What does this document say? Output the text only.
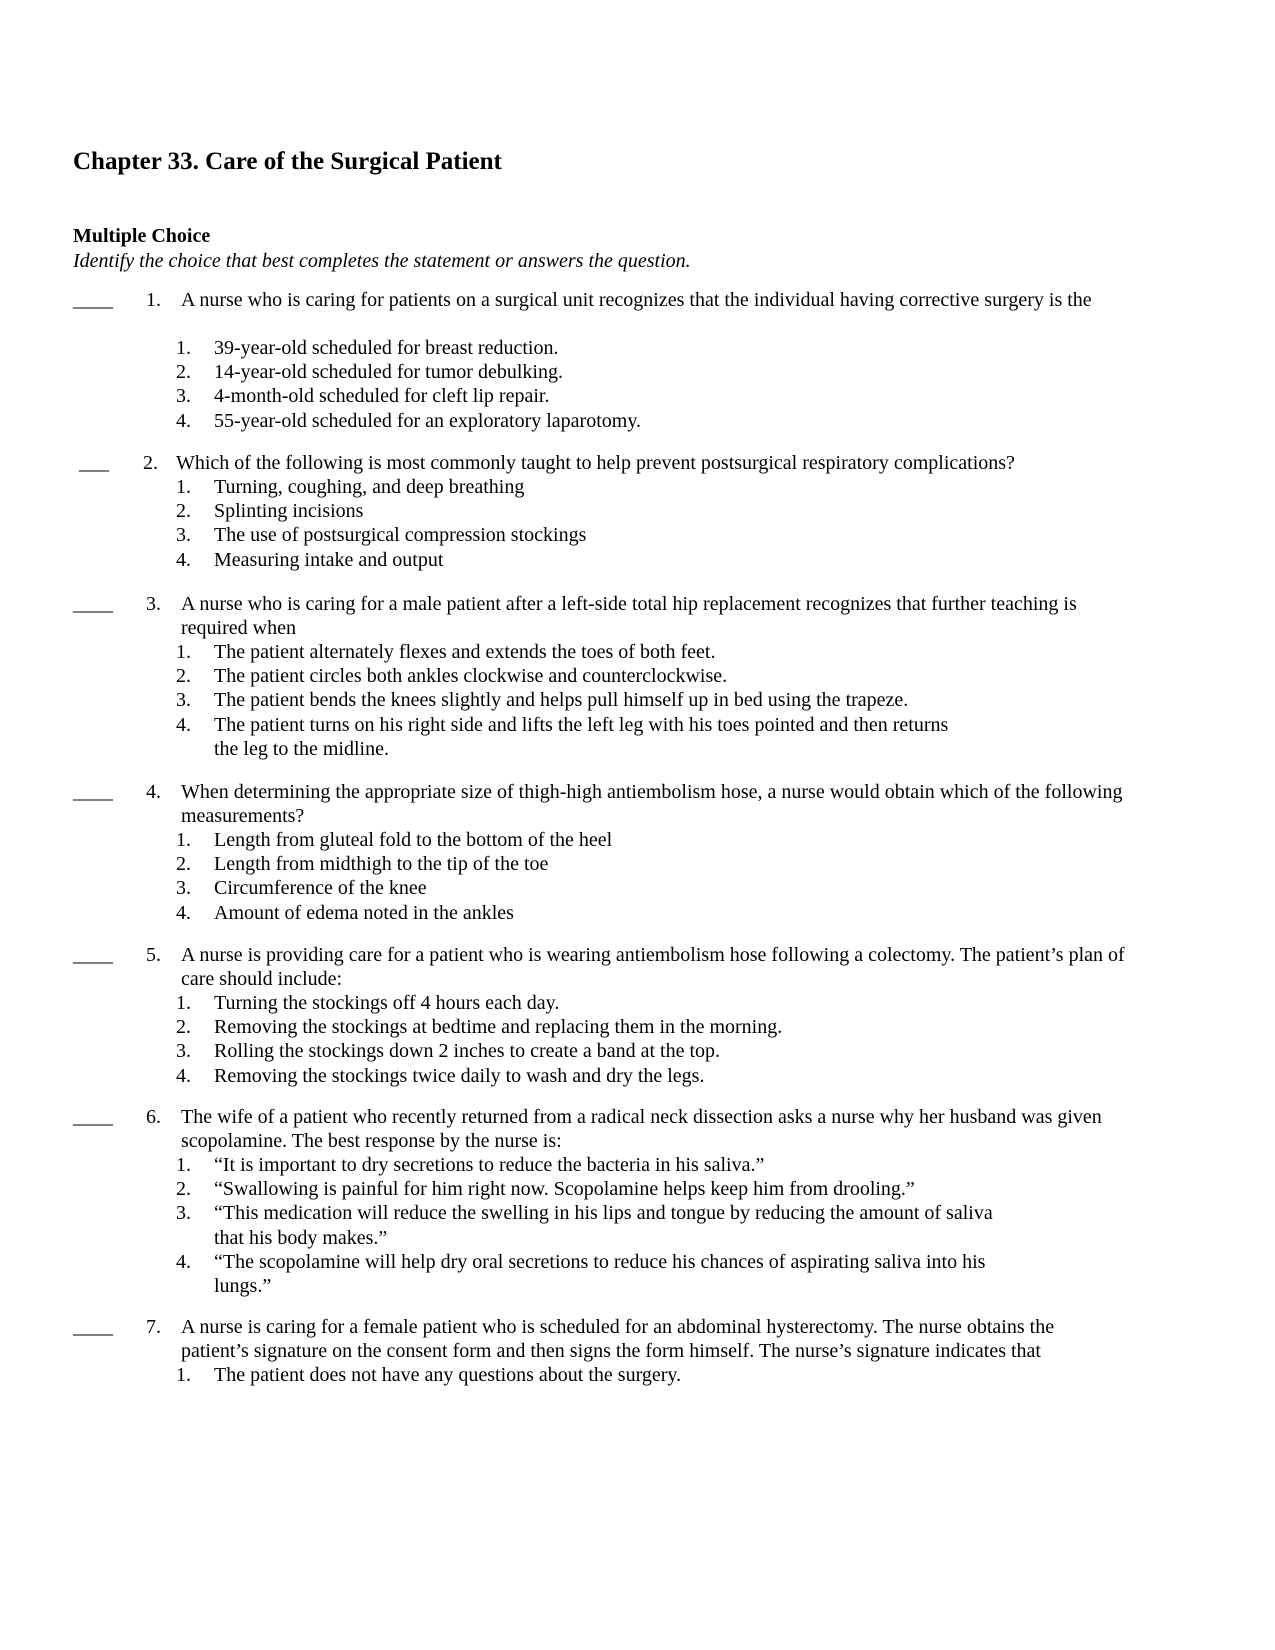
Chapter 33. Care of the Surgical Patient
Multiple Choice
Identify the choice that best completes the statement or answers the question.
____ 1. A nurse who is caring for patients on a surgical unit recognizes that the individual having corrective surgery is the
1. 39-year-old scheduled for breast reduction.
2. 14-year-old scheduled for tumor debulking.
3. 4-month-old scheduled for cleft lip repair.
4. 55-year-old scheduled for an exploratory laparotomy.
___ 2. Which of the following is most commonly taught to help prevent postsurgical respiratory complications?
1. Turning, coughing, and deep breathing
2. Splinting incisions
3. The use of postsurgical compression stockings
4. Measuring intake and output
____ 3. A nurse who is caring for a male patient after a left-side total hip replacement recognizes that further teaching is required when
1. The patient alternately flexes and extends the toes of both feet.
2. The patient circles both ankles clockwise and counterclockwise.
3. The patient bends the knees slightly and helps pull himself up in bed using the trapeze.
4. The patient turns on his right side and lifts the left leg with his toes pointed and then returns the leg to the midline.
____ 4. When determining the appropriate size of thigh-high antiembolism hose, a nurse would obtain which of the following measurements?
1. Length from gluteal fold to the bottom of the heel
2. Length from midthigh to the tip of the toe
3. Circumference of the knee
4. Amount of edema noted in the ankles
____ 5. A nurse is providing care for a patient who is wearing antiembolism hose following a colectomy. The patient’s plan of care should include:
1. Turning the stockings off 4 hours each day.
2. Removing the stockings at bedtime and replacing them in the morning.
3. Rolling the stockings down 2 inches to create a band at the top.
4. Removing the stockings twice daily to wash and dry the legs.
____ 6. The wife of a patient who recently returned from a radical neck dissection asks a nurse why her husband was given scopolamine. The best response by the nurse is:
1. “It is important to dry secretions to reduce the bacteria in his saliva.”
2. “Swallowing is painful for him right now. Scopolamine helps keep him from drooling.”
3. “This medication will reduce the swelling in his lips and tongue by reducing the amount of saliva that his body makes.”
4. “The scopolamine will help dry oral secretions to reduce his chances of aspirating saliva into his lungs.”
____ 7. A nurse is caring for a female patient who is scheduled for an abdominal hysterectomy. The nurse obtains the patient’s signature on the consent form and then signs the form himself. The nurse’s signature indicates that
1. The patient does not have any questions about the surgery.
